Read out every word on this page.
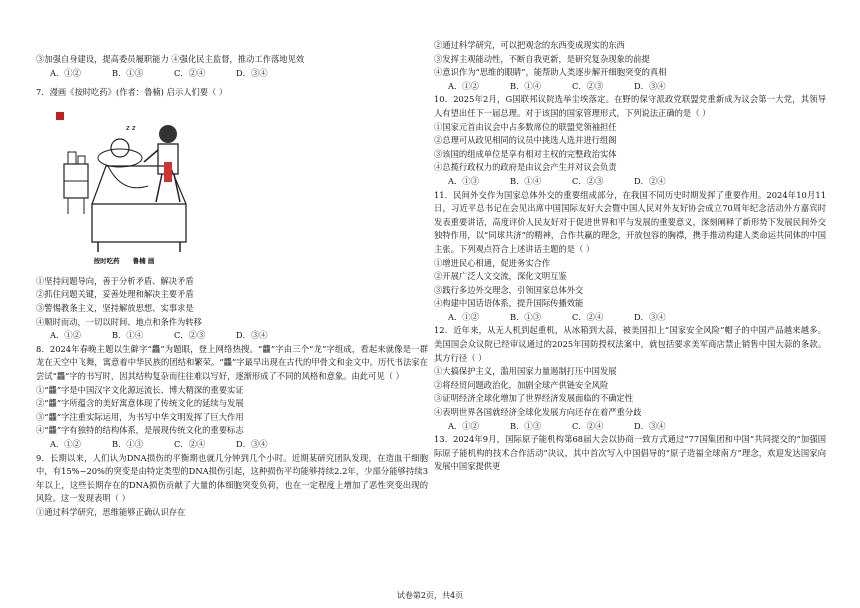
③加强自身建设，提高委员履职能力 ④强化民主监督，推动工作落地见效
A．①②	B．①③	C．②④	D．③④
7．漫画《按时吃药》(作者：鲁楠) 启示人们要（ ）
z z
按时吃药　　鲁楠 画
①坚持问题导向，善于分析矛盾、解决矛盾
②抓住问题关键，妥善处理和解决主要矛盾
③警惕教条主义，坚持解放思想、实事求是
④顺时而动，一切以时间、地点和条件为转移
A．①②	B．①④	C．②③	D．③④
8．2024年春晚主题以生僻字“龘”为题眼，登上网络热搜。“龘”字由三个“龙”字组成，看起来就像是一群龙在天空中飞舞，寓意着中华民族的团结和繁荣。“龘”字最早出现在古代的甲骨文和金文中。历代书法家在尝试“龘”字的书写时，因其结构复杂而往往难以写好，逐渐形成了不同的风格和意象。由此可见（ ）
①“龘”字是中国汉字文化源远流长、博大精深的重要实证
②“龘”字所蕴含的美好寓意体现了传统文化的延续与发展
③“龘”字注重实际运用，为书写中华文明发挥了巨大作用
④“龘”字有独特的结构体系，是展现传统文化的重要标志
A．①②	B．①③	C．②④	D．③④
9．长期以来，人们认为DNA损伤的平衡期也就几分钟到几个小时。近期某研究团队发现，在造血干细胞中，有15%~20%的突变是由特定类型的DNA损伤引起，这种损伤平均能够持续2.2年，少部分能够持续3年以上，这些长期存在的DNA损伤贡献了大量的体细胞突变负荷，也在一定程度上增加了恶性突变出现的风险。这一发现表明（ ）
①通过科学研究，思维能够正确认识存在
②通过科学研究，可以把观念的东西变成现实的东西
③发挥主观能动性，不断自我更新，是研究复杂现象的前提
④意识作为“思维的眼睛”，能帮助人类逐步解开细胞突变的真相
A．①②	B．①④	C．②③	D．③④
10．2025年2月，G国联邦议院选举尘埃落定。在野的保守派政党联盟党重新成为议会第一大党，其领导人有望出任下一届总理。对于该国的国家管理形式，下列说法正确的是（ ）
①国家元首由议会中占多数席位的联盟党领袖担任
②总理可从政见相同的议员中挑选人选并进行组阁
③该国的组成单位是享有相对主权的完整政治实体
④总揽行政权力的政府是由议会产生并对议会负责
A．①③	B．①④	C．②③	D．②④
11．民间外交作为国家总体外交的重要组成部分，在我国不同历史时期发挥了重要作用。2024年10月11日，习近平总书记在会见出席中国国际友好大会暨中国人民对外友好协会成立70周年纪念活动外方嘉宾时发表重要讲话，高度评价人民友好对于促进世界和平与发展的重要意义，深刻阐释了新形势下发展民间外交独特作用，以“同球共济”的精神，合作共赢的理念，开放包容的胸襟，携手推动构建人类命运共同体的中国主张。下列观点符合上述讲话主题的是（ ）
①增进民心相通，促进务实合作
②开展广泛人文交流，深化文明互鉴
③践行多边外交理念，引领国家总体外交
④构建中国话语体系，提升国际传播效能
A．①②	B．①③	C．②④	D．③④
12．近年来，从无人机到起重机，从冰箱到大蒜，被美国扣上“国家安全风险”帽子的中国产品越来越多。美国国会众议院已经审议通过的2025年国防授权法案中，就包括要求美军商店禁止销售中国大蒜的条款。其方行径（ ）
①大搞保护主义，滥用国家力量遏制打压中国发展
②将经贸问题政治化，加剧全球产供链安全风险
③证明经济全球化增加了世界经济发展面临的不确定性
④表明世界各国就经济全球化发展方向还存在着严重分歧
A．①②	B．①③	C．②④	D．③④
13．2024年9月，国际原子能机构第68届大会以协商一致方式通过“77国集团和中国”共同提交的“加强国际原子能机构的技术合作活动”决议，其中首次写入中国倡导的“原子造福全球南方”理念，欢迎发达国家向发展中国家提供更
试卷第2页，共4页
